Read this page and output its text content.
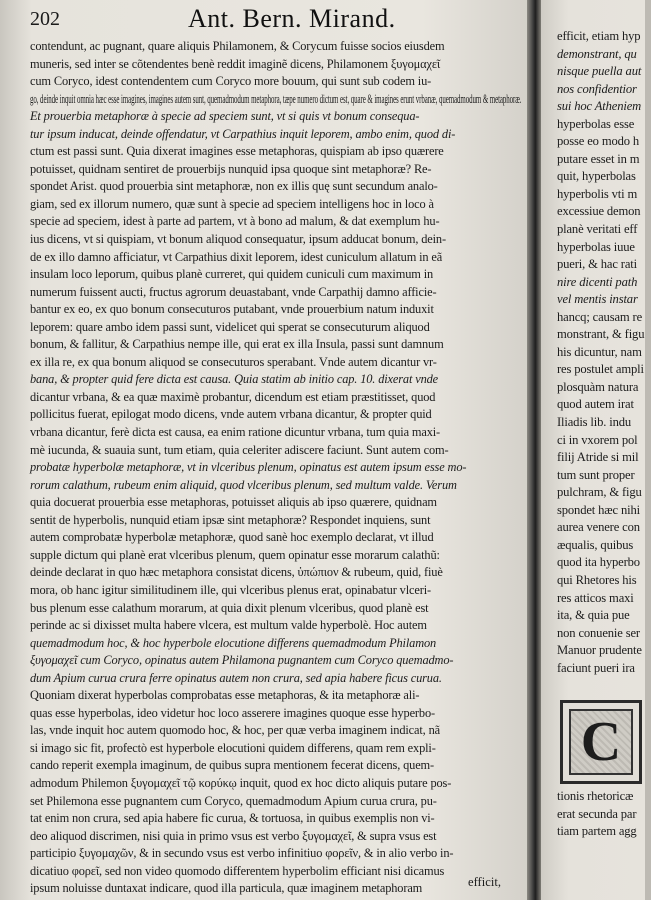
202	Ant. Bern. Mirand.
contendunt, ac pugnant, quare aliquis Philamonem, & Corycum fuisse socios eiusdem
muneris, sed inter se cõtendentes benè reddit imaginẽ dicens, Philamonem ξυγομαχεῖ
cum Coryco, idest contendentem cum Coryco more bouum, qui sunt sub codem iu-
go, deinde inquit omnia hæc esse imagines, imagines autem sunt, quemadmodum metaphora, tæpe numero dictum est, quare & imagines erunt vrbanæ, quemadmodum & metaphoræ.
Et prouerbia metaphoræ à specie ad speciem sunt, vt si quis vt bonum consequa-
tur ipsum inducat, deinde offendatur, vt Carpathius inquit leporem, ambo enim, quod di-
ctum est passi sunt. Quia dixerat imagines esse metaphoras, quispiam ab ipso quærere
potuisset, quidnam sentiret de prouerbijs nunquid ipsa quoque sint metaphoræ? Re-
spondet Arist. quod prouerbia sint metaphoræ, non ex illis quę sunt secundum analo-
giam, sed ex illorum numero, quæ sunt à specie ad speciem intelligens hoc in loco à
specie ad speciem, idest à parte ad partem, vt à bono ad malum, & dat exemplum hu-
ius dicens, vt si quispiam, vt bonum aliquod consequatur, ipsum adducat bonum, dein-
de ex illo damno afficiatur, vt Carpathius dixit leporem, idest cuniculum allatum in eã
insulam loco leporum, quibus planè curreret, qui quidem cuniculi cum maximum in
numerum fuissent aucti, fructus agrorum deuastabant, vnde Carpathij damno afficie-
bantur ex eo, ex quo bonum consecuturos putabant, vnde prouerbium natum induxit
leporem: quare ambo idem passi sunt, videlicet qui sperat se consecuturum aliquod
bonum, & fallitur, & Carpathius nempe ille, qui erat ex illa Insula, passi sunt damnum
ex illa re, ex qua bonum aliquod se consecuturos sperabant. Vnde autem dicantur vr-
bana, & propter quid fere dicta est causa. Quia statim ab initio cap. 10. dixerat vnde
dicantur vrbana, & ea quæ maximè probantur, dicendum est etiam præstitisset, quod
pollicitus fuerat, epilogat modo dicens, vnde autem vrbana dicantur, & propter quid
vrbana dicantur, ferè dicta est causa, ea enim ratione dicuntur vrbana, tum quia maxi-
mè iucunda, & suauia sunt, tum etiam, quia celeriter adiscere faciunt. Sunt autem com-
probatæ hyperbolæ metaphoræ, vt in vlceribus plenum, opinatus est autem ipsum esse mo-
rorum calathum, rubeum enim aliquid, quod vlceribus plenum, sed multum valde. Verum
quia docuerat prouerbia esse metaphoras, potuisset aliquis ab ipso quærere, quidnam
sentit de hyperbolis, nunquid etiam ipsæ sint metaphoræ? Respondet inquiens, sunt
autem comprobatæ hyperbolæ metaphoræ, quod sanè hoc exemplo declarat, vt illud
supple dictum qui planè erat vlceribus plenum, quem opinatur esse morarum calathũ:
deinde declarat in quo hæc metaphora consistat dicens, ὑπώπιον & rubeum, quid, fiuè
mora, ob hanc igitur similitudinem ille, qui vlceribus plenus erat, opinabatur vlceri-
bus plenum esse calathum morarum, at quia dixit plenum vlceribus, quod planè est
perinde ac si dixisset multa habere vlcera, est multum valde hyperbolè. Hoc autem
quemadmodum hoc, & hoc hyperbole elocutione differens quemadmodum Philamon
ξυγομαχεῖ cum Coryco, opinatus autem Philamona pugnantem cum Coryco quemadmo-
dum Apium curua crura ferre opinatus autem non crura, sed apia habere ficus curua.
Quoniam dixerat hyperbolas comprobatas esse metaphoras, & ita metaphoræ ali-
quas esse hyperbolas, ideo videtur hoc loco asserere imagines quoque esse hyperbo-
las, vnde inquit hoc autem quomodo hoc, & hoc, per quæ verba imaginem indicat, nã
si imago sic fit, profectò est hyperbole elocutioni quidem differens, quam rem expli-
cando reperit exempla imaginum, de quibus supra mentionem fecerat dicens, quem-
admodum Philemon ξυγομαχεῖ τῷ κορύκῳ inquit, quod ex hoc dicto aliquis putare pos-
set Philemona esse pugnantem cum Coryco, quemadmodum Apium curua crura, pu-
tat enim non crura, sed apia habere fic curua, & tortuosa, in quibus exemplis non vi-
deo aliquod discrimen, nisi quia in primo vsus est verbo ξυγομαχεῖ, & supra vsus est
participio ξυγομαχῶν, & in secundo vsus est verbo infinitiuo φορεῖν, & in alio verbo in-
dicatiuo φορεῖ, sed non video quomodo differentem hyperbolim efficiant nisi dicamus
ipsum noluisse duntaxat indicare, quod illa particula, quæ imaginem metaphoram	efficit,
efficit, etiam hyp
demonstrant, qu
nisque puella aut
nos confidentior
sui hoc Atheniem
hyperbolas esse
posse eo modo h
putare esset in m
quit, hyperbolas
hyperbolis vti m
excessiue demon
planè veritati eff
hyperbolas iuue
pueri, & hac rati
nire dicenti path
vel mentis instar
hancq; causam re
monstrant, & figu
his dicuntur, nam
res postulet ampli
plosquàm natura
quod autem irat
Iliadis lib. indu
ci in vxorem pol
filij Atride si mil
tum sunt proper
pulchram, & figu
spondet hæc nihi
aurea venere con
æqualis, quibus
quod ita hyperbo
qui Rhetores his
res atticos maxi
ita, & quia pue
non conuenie ser
Manuor prudente
faciunt pueri ira
tionis rhetoricæ
erat secunda par
tiam partem agg
C
